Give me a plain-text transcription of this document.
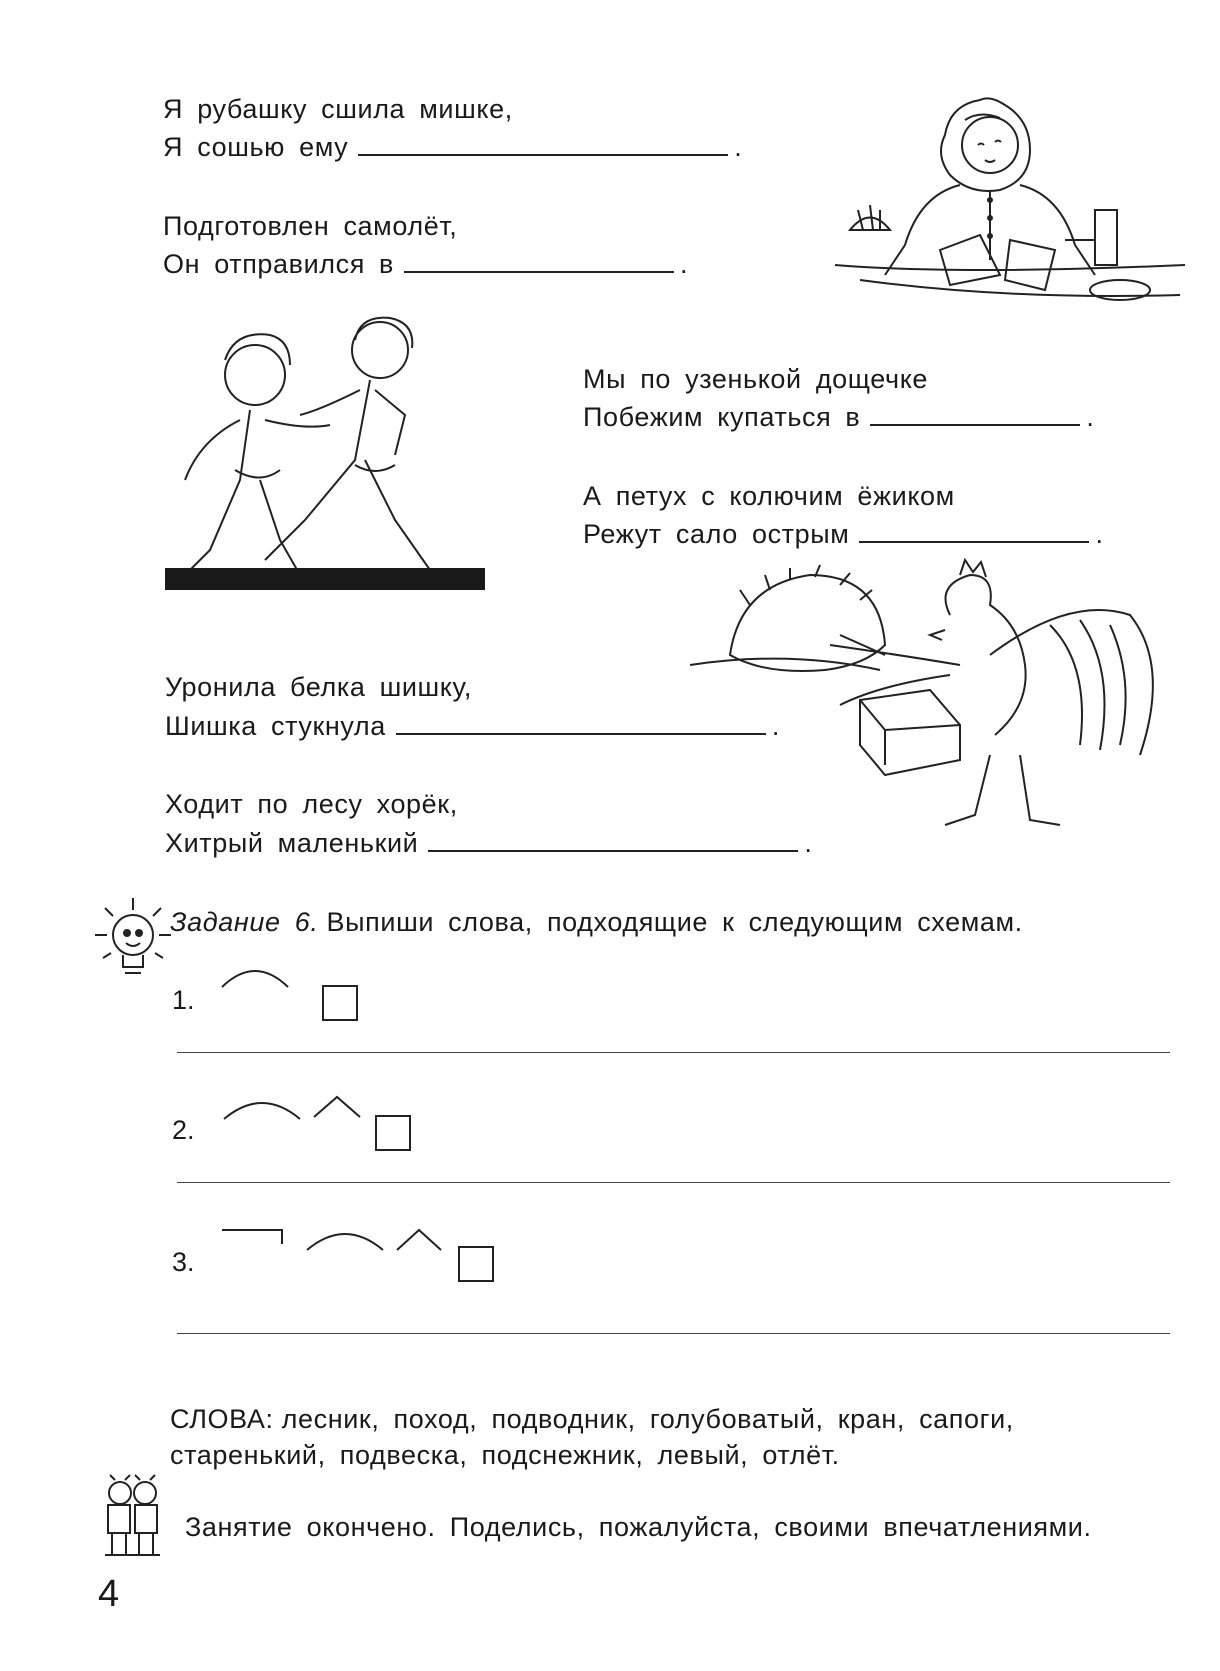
Я рубашку сшила мишке,
Я сошью ему	.
Подготовлен самолёт,
Он отправился в	.
Мы по узенькой дощечке
Побежим купаться в	.
А петух с колючим ёжиком
Режут сало острым	.
Уронила белка шишку,
Шишка стукнула	.
Ходит по лесу хорёк,
Хитрый маленький	.
Задание 6. Выпиши слова, подходящие к следующим схемам.
1.
2.
3.
СЛОВА: лесник, поход, подводник, голубоватый, кран, сапоги,
старенький, подвеска, подснежник, левый, отлёт.
Занятие окончено. Поделись, пожалуйста, своими впечатлениями.
4
